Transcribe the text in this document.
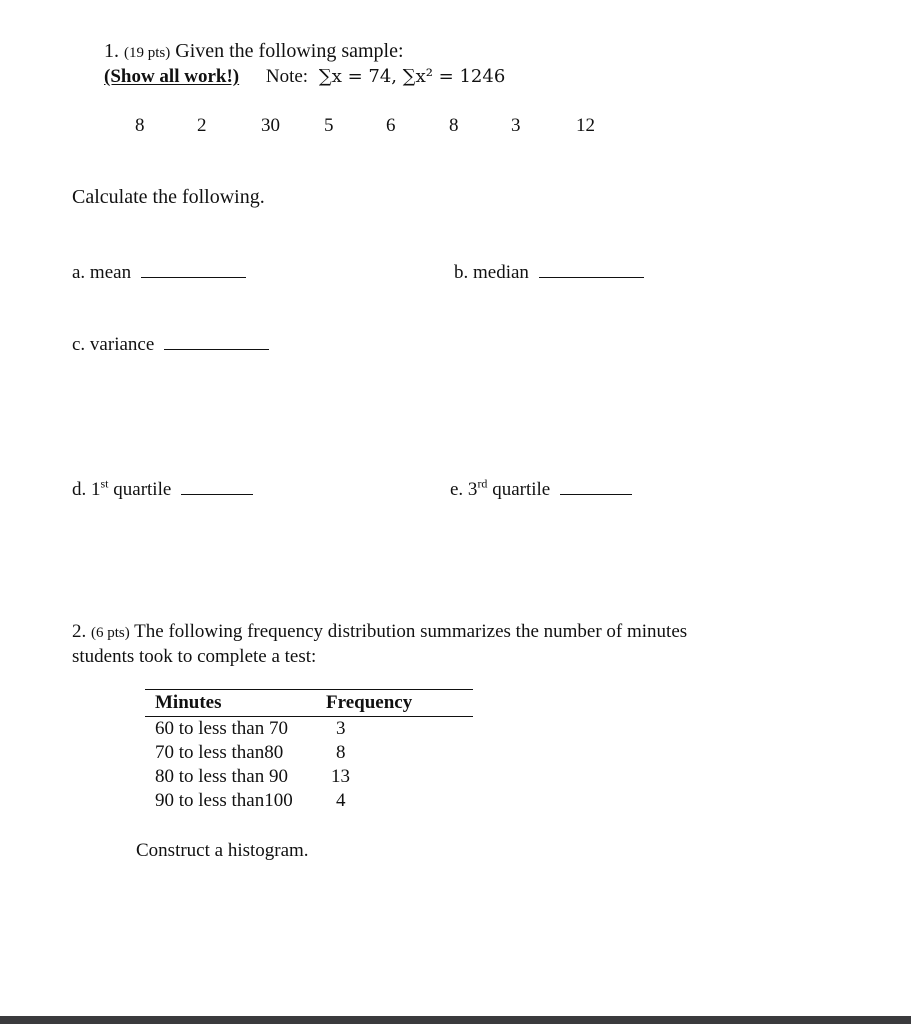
1. (19 pts) Given the following sample:
(Show all work!) Note: ∑x = 74, ∑x² = 1246
8	2	30 5	6	8	3	12
Calculate the following.
a. mean	b. median
c. variance
d. 1st quartile	e. 3rd quartile
2. (6 pts) The following frequency distribution summarizes the number of minutes
students took to complete a test:
Minutes	Frequency
60 to less than 70	3
70 to less than80	8
80 to less than 90 13
90 to less than100 4
Construct a histogram.
